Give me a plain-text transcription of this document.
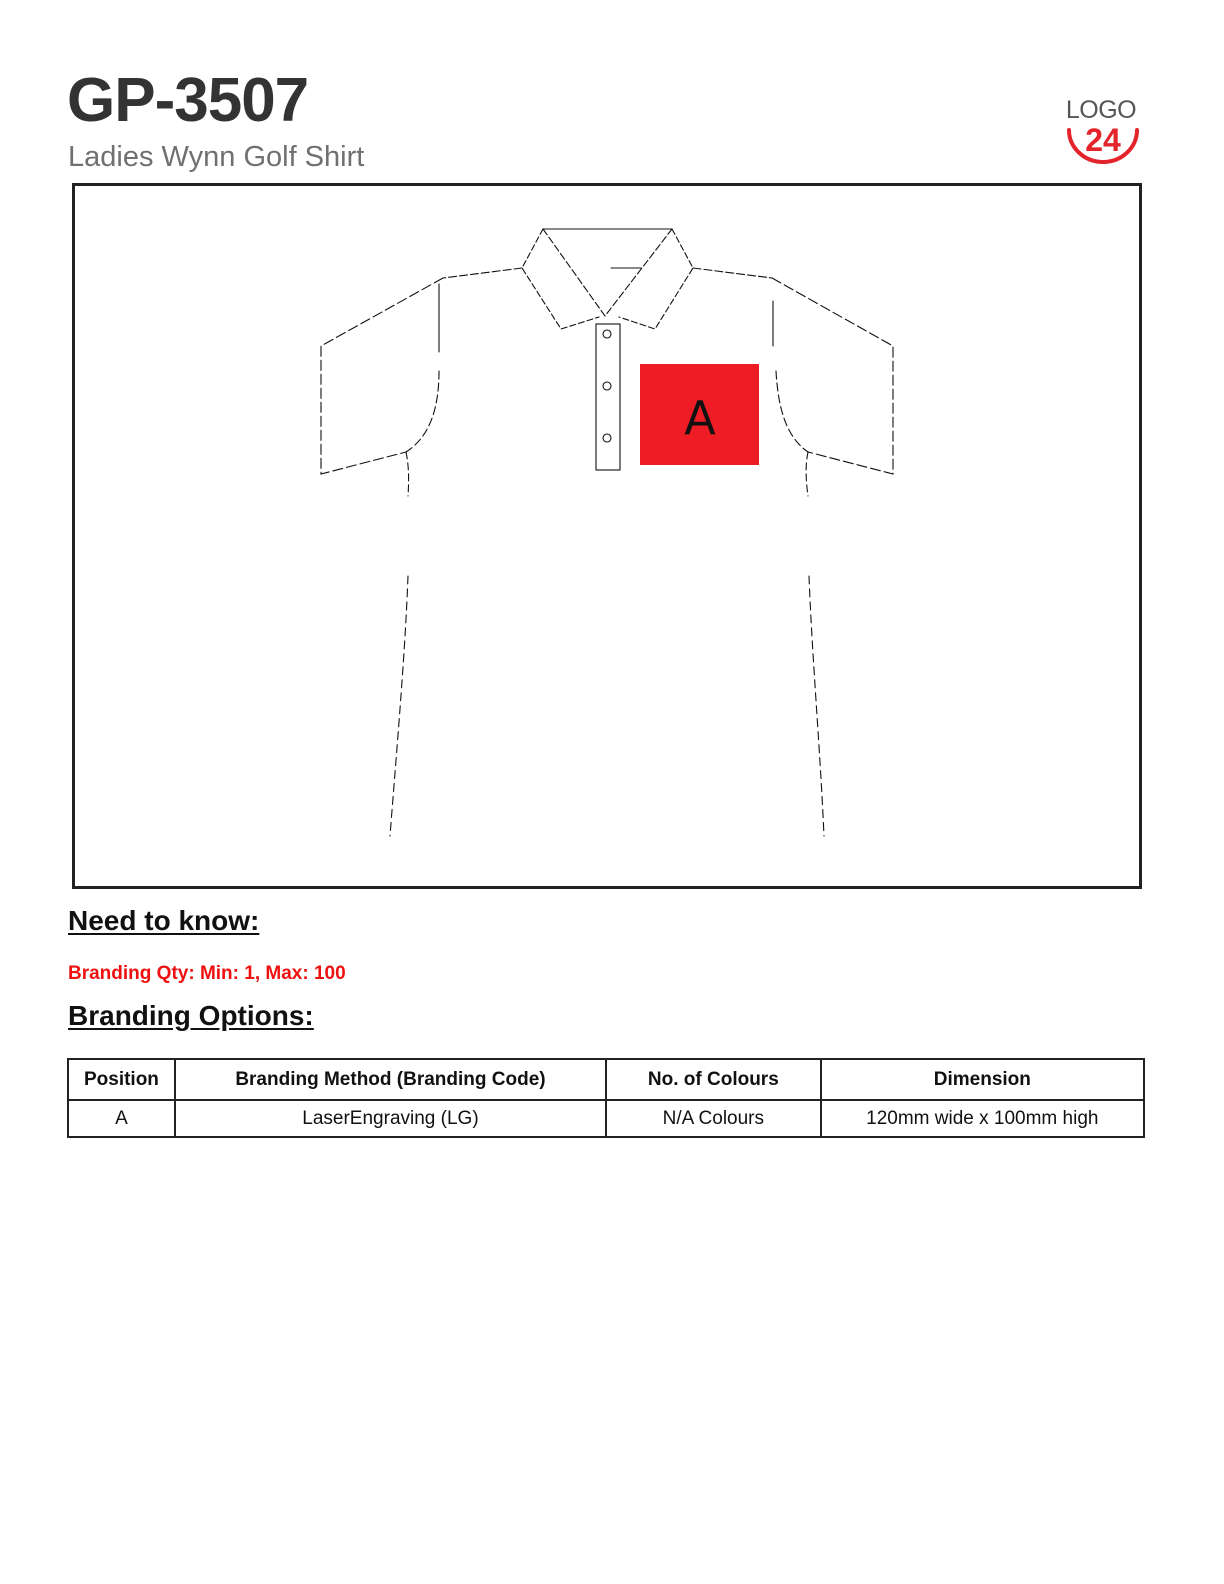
GP-3507
Ladies Wynn Golf Shirt
LOGO
24
A
Need to know:
Branding Qty: Min: 1, Max: 100
Branding Options:
Position	Branding Method (Branding Code)	No. of Colours	Dimension
A	LaserEngraving (LG)	N/A Colours	120mm wide x 100mm high
